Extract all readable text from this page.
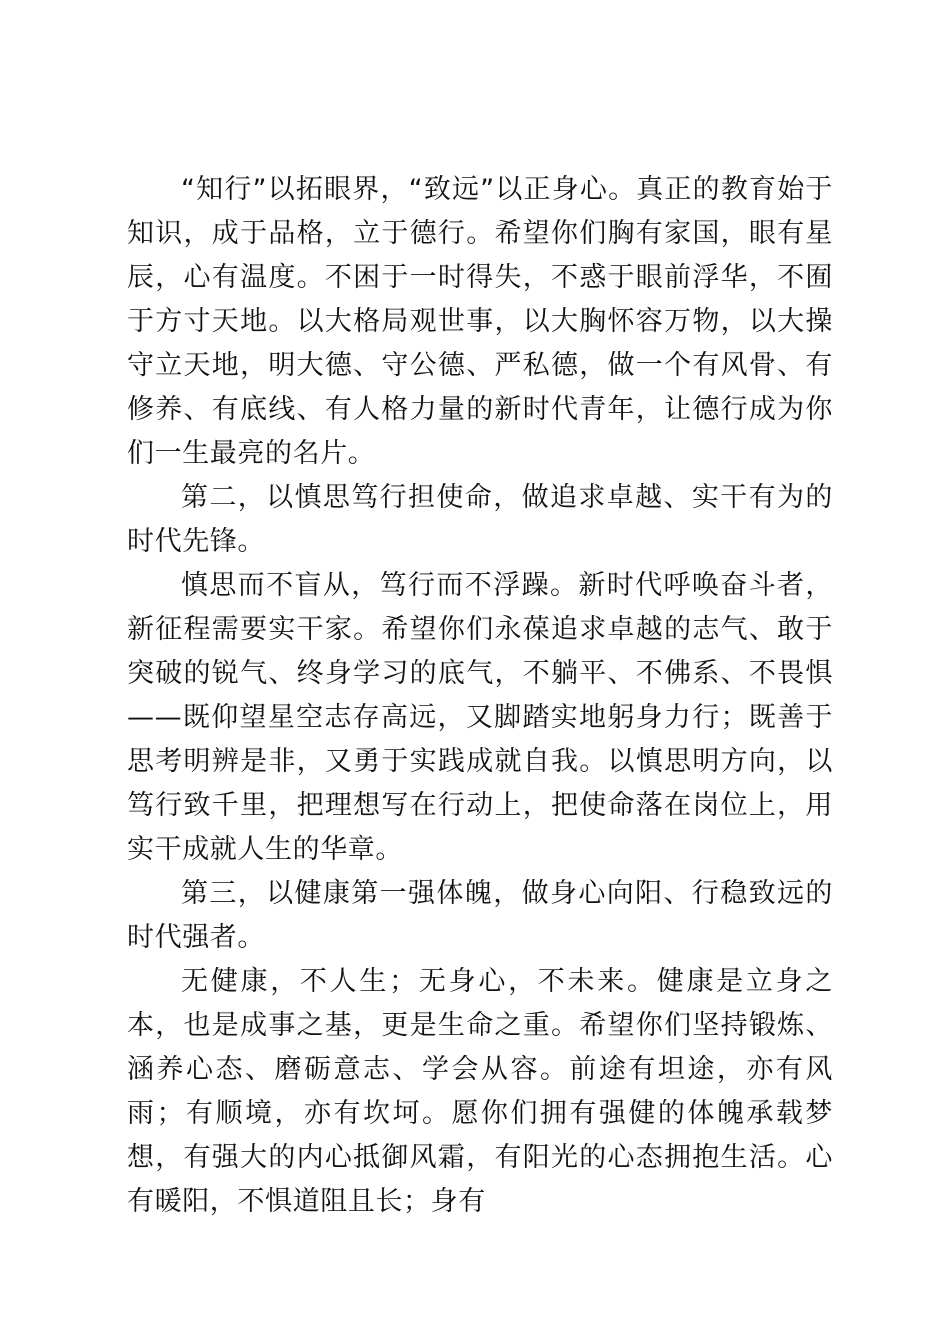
“知行”以拓眼界，“致远”以正身心。真正的教育始于知识，成于品格，立于德行。希望你们胸有家国，眼有星辰，心有温度。不困于一时得失，不惑于眼前浮华，不囿于方寸天地。以大格局观世事，以大胸怀容万物，以大操守立天地，明大德、守公德、严私德，做一个有风骨、有修养、有底线、有人格力量的新时代青年，让德行成为你们一生最亮的名片。

第二，以慎思笃行担使命，做追求卓越、实干有为的时代先锋。

慎思而不盲从，笃行而不浮躁。新时代呼唤奋斗者，新征程需要实干家。希望你们永葆追求卓越的志气、敢于突破的锐气、终身学习的底气，不躺平、不佛系、不畏惧——既仰望星空志存高远，又脚踏实地躬身力行；既善于思考明辨是非，又勇于实践成就自我。以慎思明方向，以笃行致千里，把理想写在行动上，把使命落在岗位上，用实干成就人生的华章。

第三，以健康第一强体魄，做身心向阳、行稳致远的时代强者。

无健康，不人生；无身心，不未来。健康是立身之本，也是成事之基，更是生命之重。希望你们坚持锻炼、涵养心态、磨砺意志、学会从容。前途有坦途，亦有风雨；有顺境，亦有坎坷。愿你们拥有强健的体魄承载梦想，有强大的内心抵御风霜，有阳光的心态拥抱生活。心有暖阳，不惧道阻且长；身有
